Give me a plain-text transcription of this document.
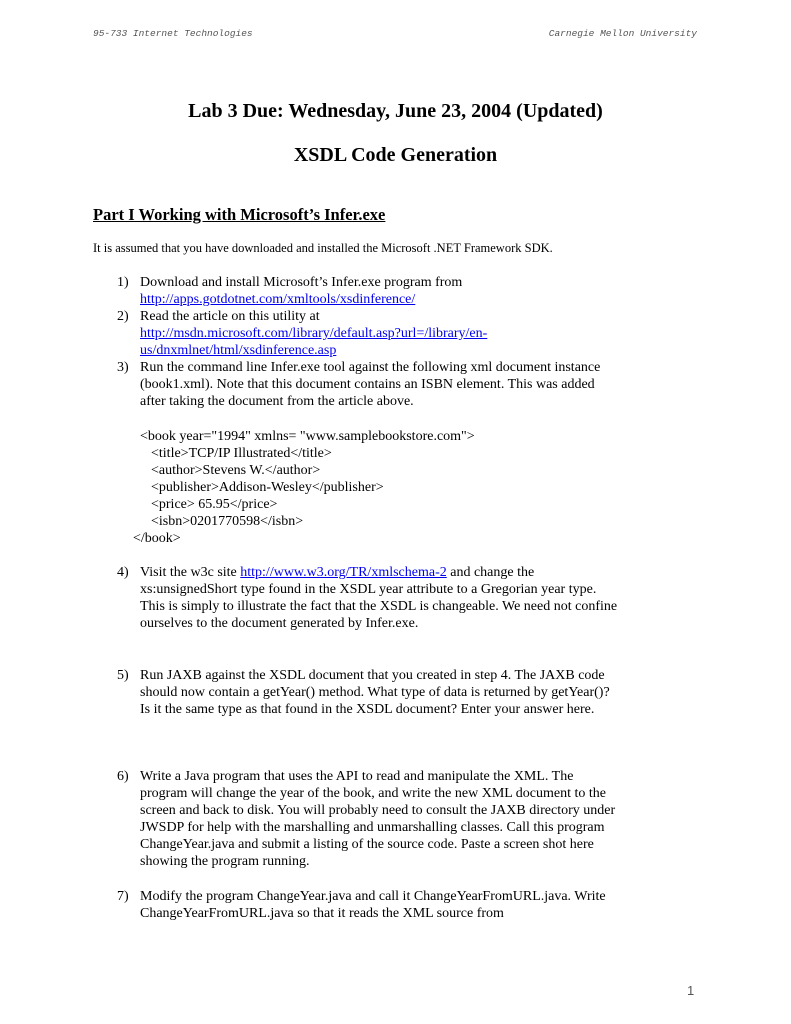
95-733 Internet Technologies	Carnegie Mellon University
Lab 3 Due: Wednesday, June 23, 2004 (Updated)
XSDL Code Generation
Part I Working with Microsoft’s Infer.exe
It is assumed that you have downloaded and installed the Microsoft .NET Framework SDK.
1) Download and install Microsoft’s Infer.exe program from
http://apps.gotdotnet.com/xmltools/xsdinference/
2) Read the article on this utility at
http://msdn.microsoft.com/library/default.asp?url=/library/en-
us/dnxmlnet/html/xsdinference.asp
3) Run the command line Infer.exe tool against the following xml document instance
(book1.xml). Note that this document contains an ISBN element. This was added
after taking the document from the article above.
<book year="1994" xmlns= "www.samplebookstore.com">
<title>TCP/IP Illustrated</title>
<author>Stevens W.</author>
<publisher>Addison-Wesley</publisher>
<price> 65.95</price>
<isbn>0201770598</isbn>
</book>
4) Visit the w3c site http://www.w3.org/TR/xmlschema-2 and change the
xs:unsignedShort type found in the XSDL year attribute to a Gregorian year type.
This is simply to illustrate the fact that the XSDL is changeable. We need not confine
ourselves to the document generated by Infer.exe.
5) Run JAXB against the XSDL document that you created in step 4. The JAXB code
should now contain a getYear() method. What type of data is returned by getYear()?
Is it the same type as that found in the XSDL document? Enter your answer here.
6) Write a Java program that uses the API to read and manipulate the XML. The
program will change the year of the book, and write the new XML document to the
screen and back to disk. You will probably need to consult the JAXB directory under
JWSDP for help with the marshalling and unmarshalling classes. Call this program
ChangeYear.java and submit a listing of the source code. Paste a screen shot here
showing the program running.
7) Modify the program ChangeYear.java and call it ChangeYearFromURL.java. Write
ChangeYearFromURL.java so that it reads the XML source from
1
